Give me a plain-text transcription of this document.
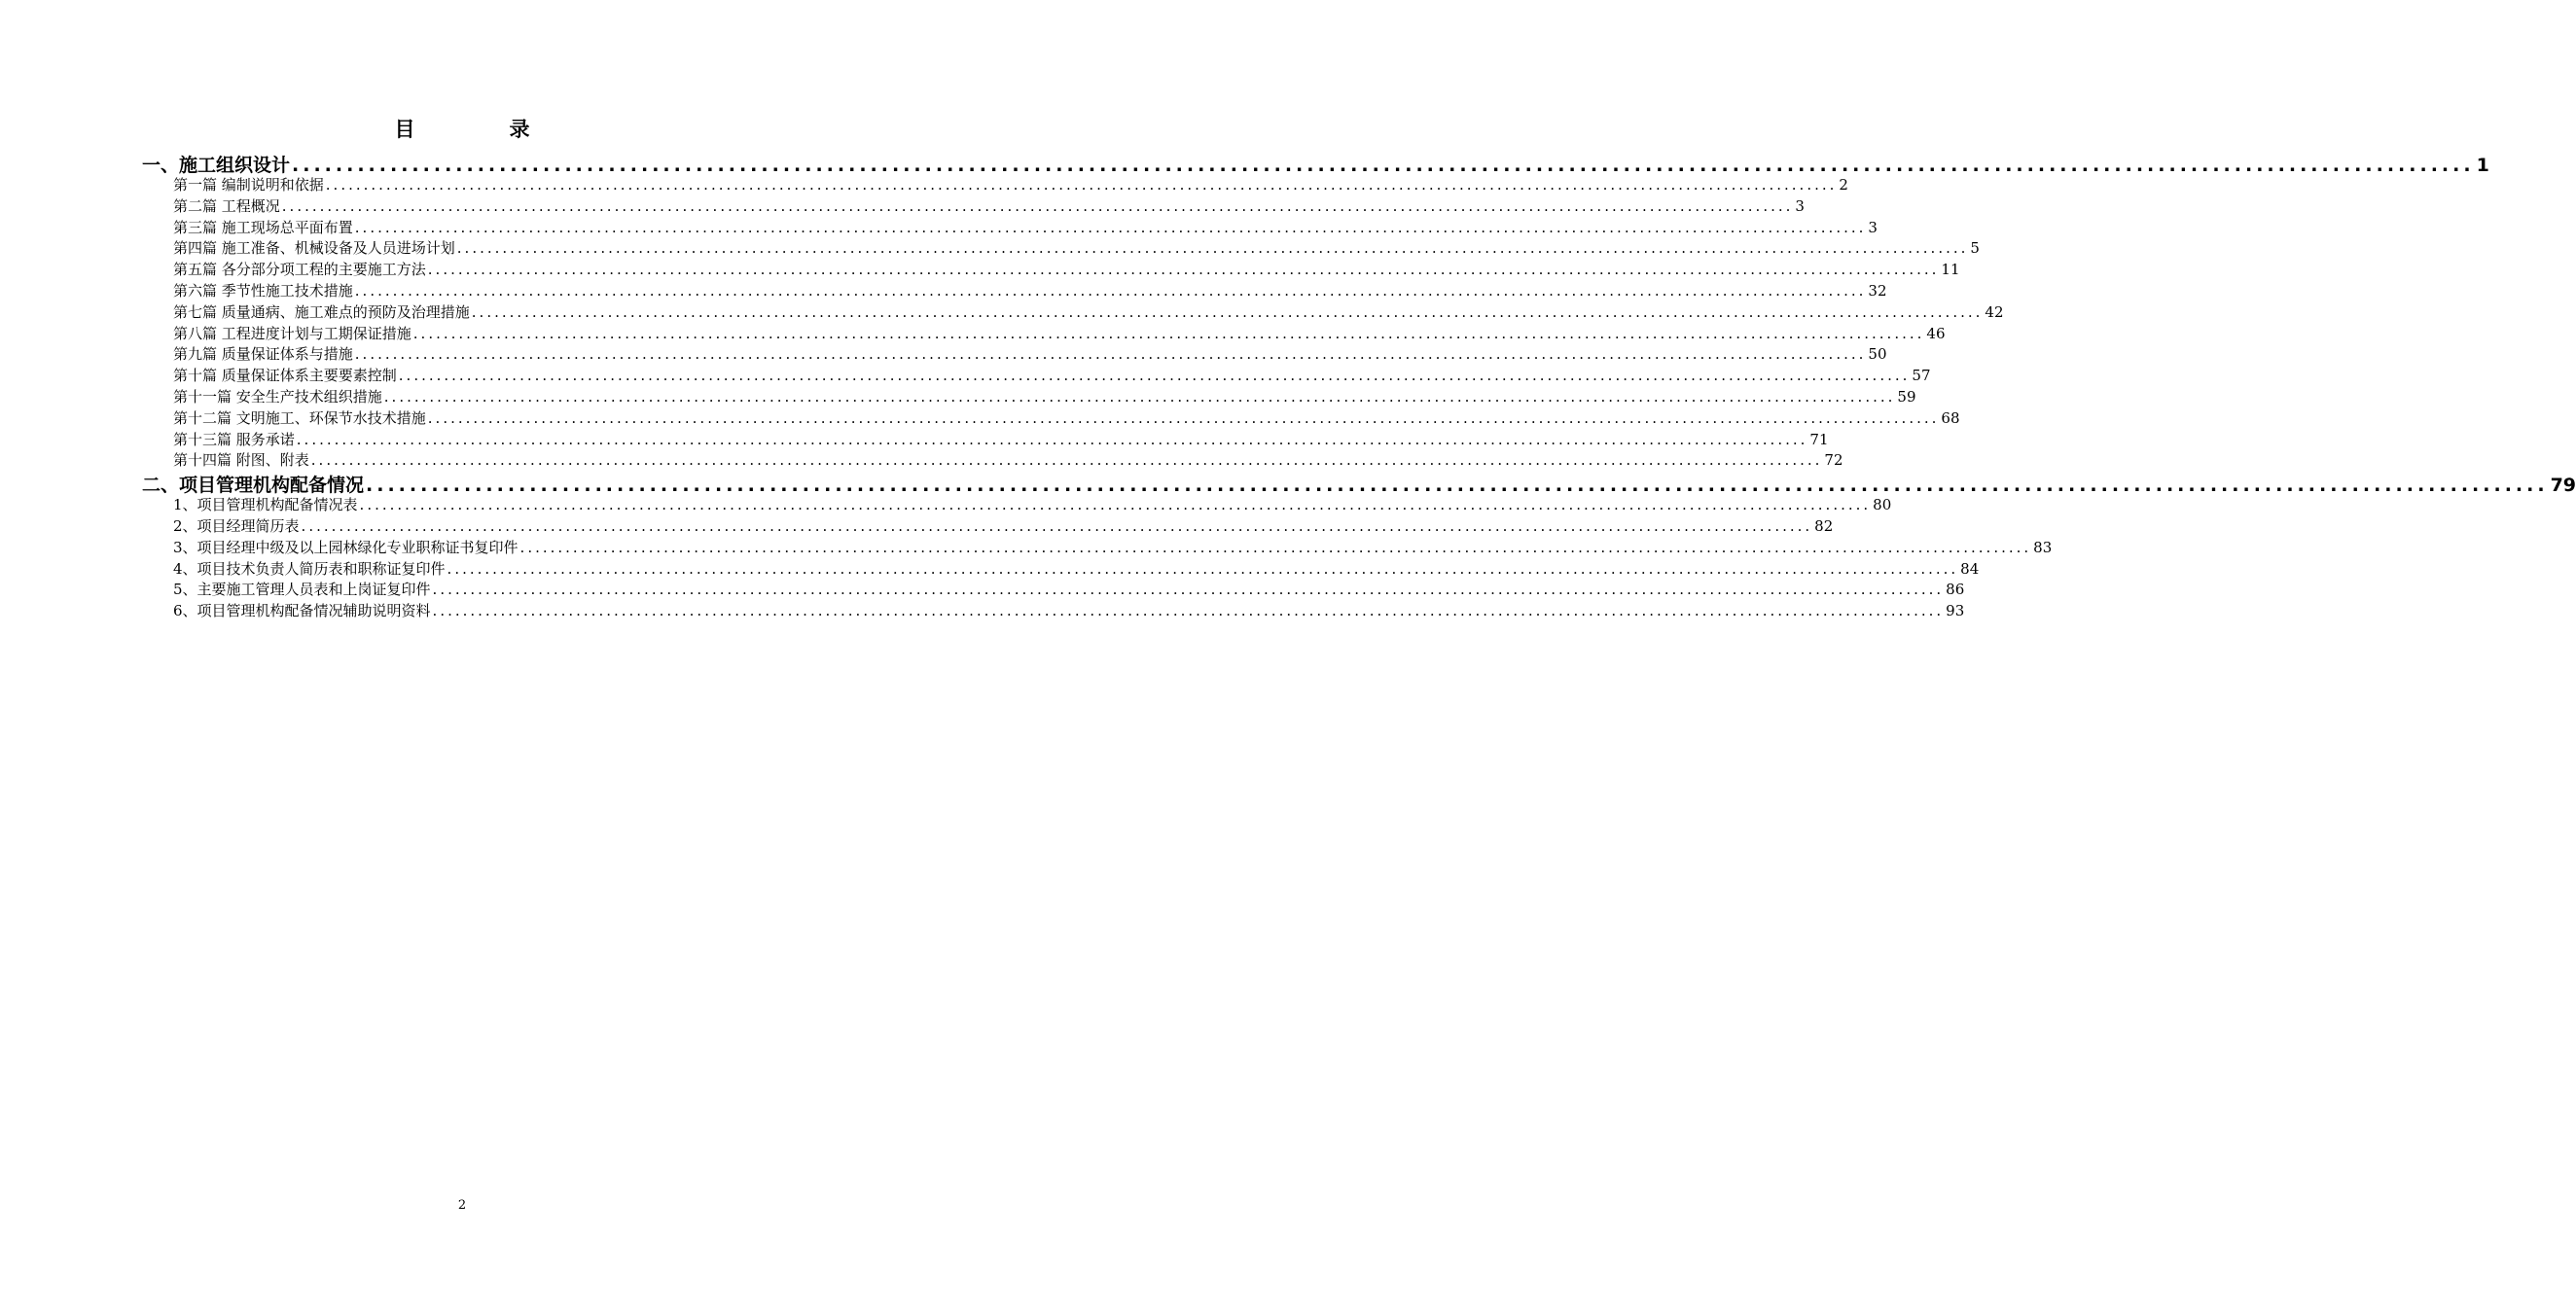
目　录
一、施工组织设计 ........................................................................................................................................................................................................ 1
第一篇 编制说明和依据 ........................................................................................................................................................................................................ 2
第二篇 工程概况 ........................................................................................................................................................................................................ 3
第三篇 施工现场总平面布置 ........................................................................................................................................................................................................ 3
第四篇 施工准备、机械设备及人员进场计划 ........................................................................................................................................................................................................ 5
第五篇 各分部分项工程的主要施工方法 ........................................................................................................................................................................................................ 11
第六篇 季节性施工技术措施 ........................................................................................................................................................................................................ 32
第七篇 质量通病、施工难点的预防及治理措施 ........................................................................................................................................................................................................ 42
第八篇 工程进度计划与工期保证措施 ........................................................................................................................................................................................................ 46
第九篇 质量保证体系与措施 ........................................................................................................................................................................................................ 50
第十篇 质量保证体系主要要素控制 ........................................................................................................................................................................................................ 57
第十一篇 安全生产技术组织措施 ........................................................................................................................................................................................................ 59
第十二篇 文明施工、环保节水技术措施 ........................................................................................................................................................................................................ 68
第十三篇 服务承诺 ........................................................................................................................................................................................................ 71
第十四篇 附图、附表 ........................................................................................................................................................................................................ 72
二、项目管理机构配备情况 ........................................................................................................................................................................................................ 79
1、项目管理机构配备情况表 ........................................................................................................................................................................................................ 80
2、项目经理简历表 ........................................................................................................................................................................................................ 82
3、项目经理中级及以上园林绿化专业职称证书复印件 ........................................................................................................................................................................................................ 83
4、项目技术负责人简历表和职称证复印件 ........................................................................................................................................................................................................ 84
5、主要施工管理人员表和上岗证复印件 ........................................................................................................................................................................................................ 86
6、项目管理机构配备情况辅助说明资料 ........................................................................................................................................................................................................ 93
2
